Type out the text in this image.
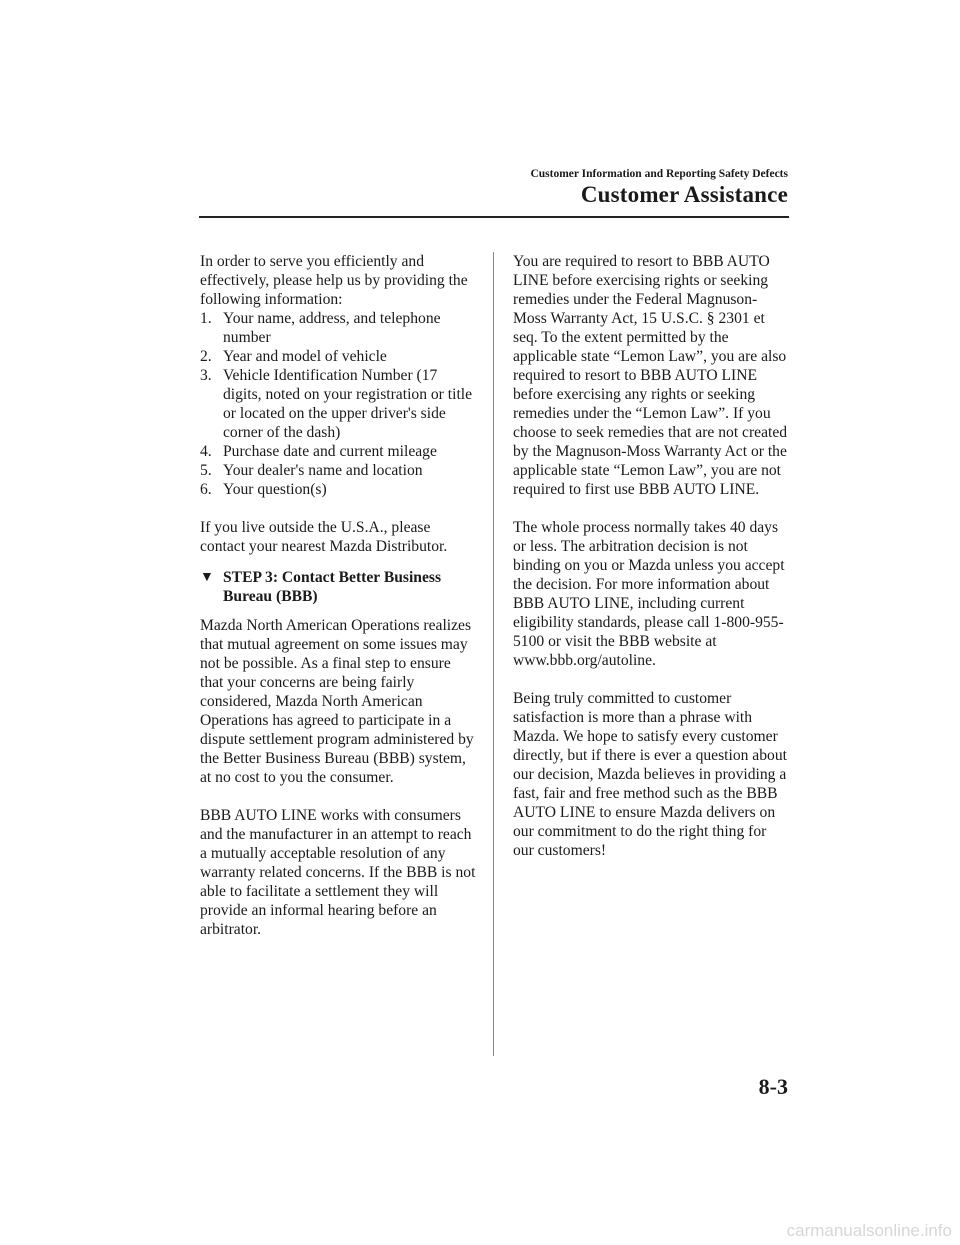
Customer Information and Reporting Safety Defects
Customer Assistance

In order to serve you efficiently and effectively, please help us by providing the following information:

1. Your name, address, and telephone number
2. Year and model of vehicle
3. Vehicle Identification Number (17 digits, noted on your registration or title or located on the upper driver's side corner of the dash)
4. Purchase date and current mileage
5. Your dealer's name and location
6. Your question(s)

If you live outside the U.S.A., please contact your nearest Mazda Distributor.

▼ STEP 3: Contact Better Business Bureau (BBB)

Mazda North American Operations realizes that mutual agreement on some issues may not be possible. As a final step to ensure that your concerns are being fairly considered, Mazda North American Operations has agreed to participate in a dispute settlement program administered by the Better Business Bureau (BBB) system, at no cost to you the consumer.

BBB AUTO LINE works with consumers and the manufacturer in an attempt to reach a mutually acceptable resolution of any warranty related concerns. If the BBB is not able to facilitate a settlement they will provide an informal hearing before an arbitrator.

You are required to resort to BBB AUTO LINE before exercising rights or seeking remedies under the Federal Magnuson-Moss Warranty Act, 15 U.S.C. § 2301 et seq. To the extent permitted by the applicable state “Lemon Law”, you are also required to resort to BBB AUTO LINE before exercising any rights or seeking remedies under the “Lemon Law”. If you choose to seek remedies that are not created by the Magnuson-Moss Warranty Act or the applicable state “Lemon Law”, you are not required to first use BBB AUTO LINE.

The whole process normally takes 40 days or less. The arbitration decision is not binding on you or Mazda unless you accept the decision. For more information about BBB AUTO LINE, including current eligibility standards, please call 1-800-955-5100 or visit the BBB website at www.bbb.org/autoline.

Being truly committed to customer satisfaction is more than a phrase with Mazda. We hope to satisfy every customer directly, but if there is ever a question about our decision, Mazda believes in providing a fast, fair and free method such as the BBB AUTO LINE to ensure Mazda delivers on our commitment to do the right thing for our customers!

8-3
carmanualsonline.info
